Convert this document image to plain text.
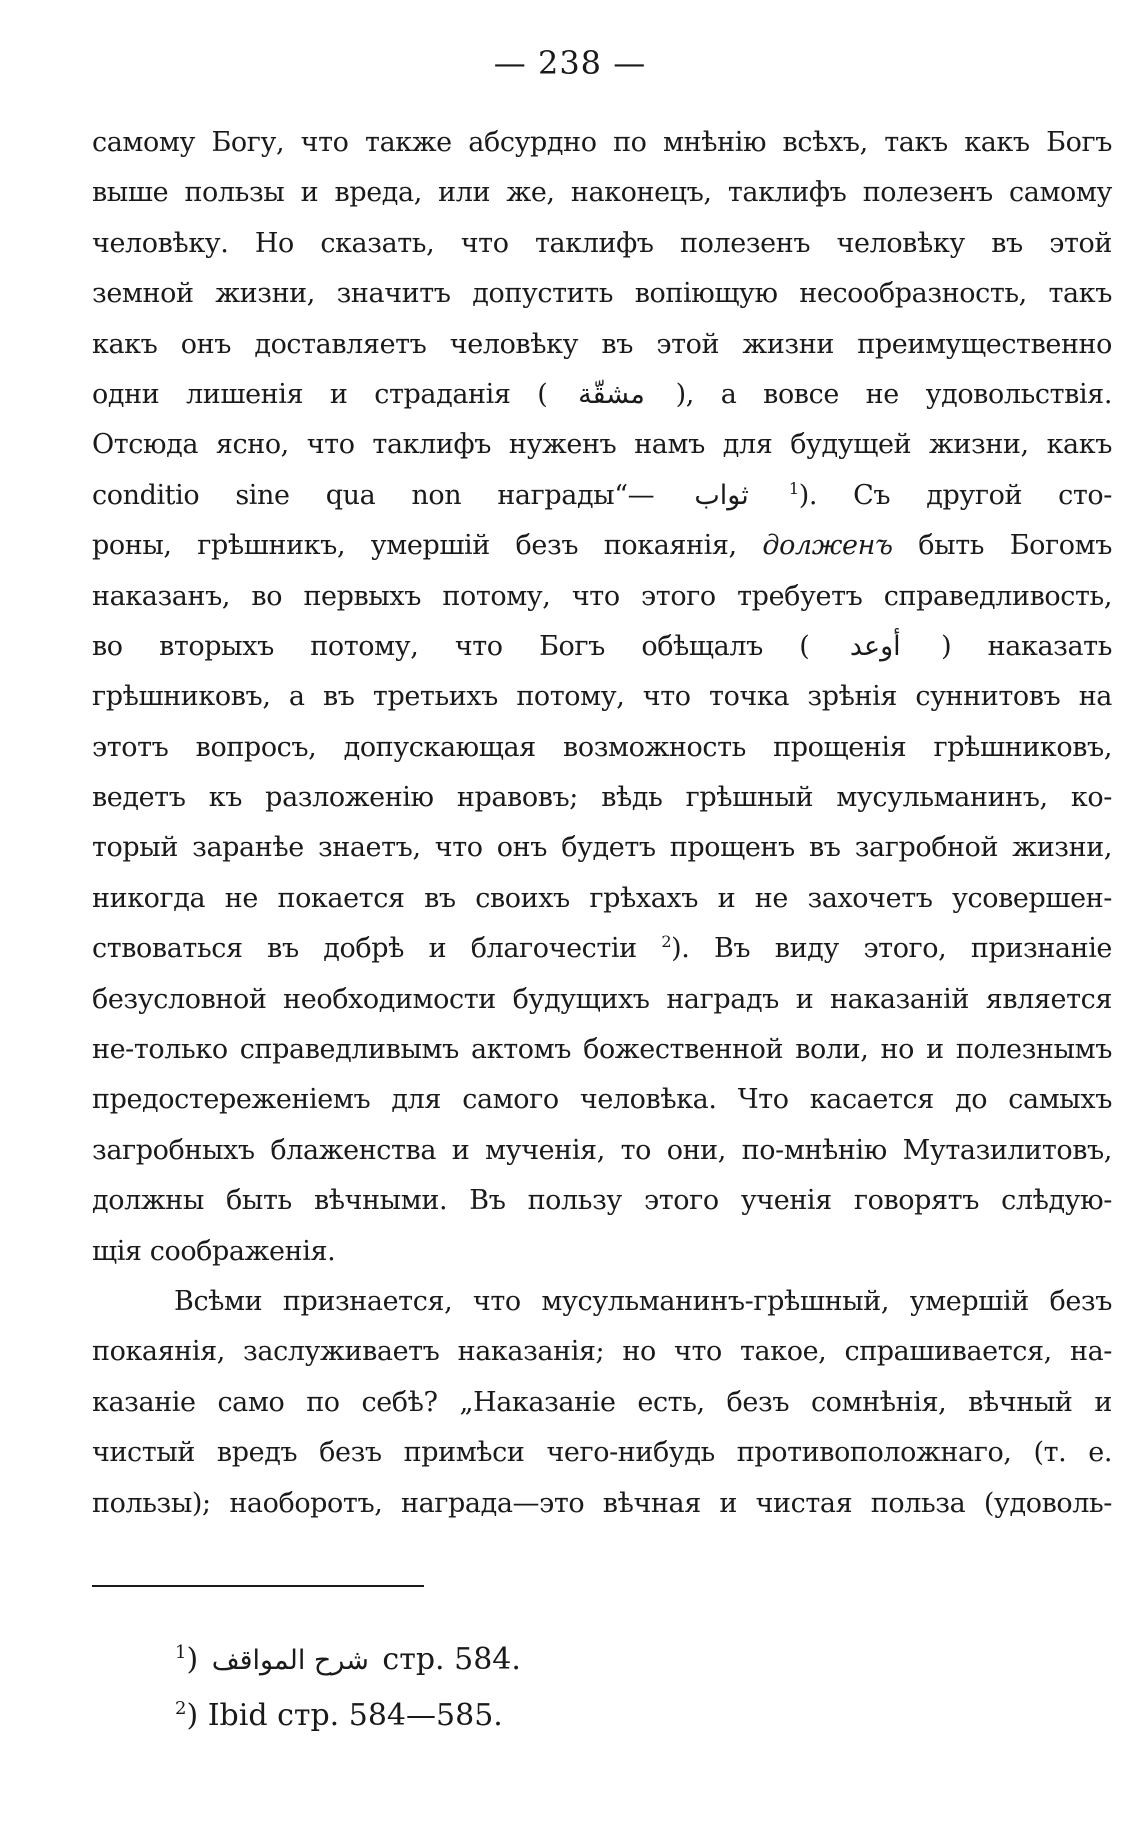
— 238 —
самому Богу, что также абсурдно по мнѣнію всѣхъ, такъ какъ Богъ
выше пользы и вреда, или же, наконецъ, таклифъ полезенъ самому
человѣку. Но сказать, что таклифъ полезенъ человѣку въ этой
земной жизни, значитъ допустить вопіющую несообразность, такъ
какъ онъ доставляетъ человѣку въ этой жизни преимущественно
одни лишенія и страданія ( مشقّة ), а вовсе не удовольствія.
Отсюда ясно, что таклифъ нуженъ намъ для будущей жизни, какъ
conditio sine qua non награды“— ثواب	$^1$). Съ другой сто-
роны, грѣшникъ, умершій безъ покаянія, долженъ быть Богомъ
наказанъ, во первыхъ потому, что этого требуетъ справедливость,
во вторыхъ потому, что Богъ обѣщалъ ( أوعد ) наказать
грѣшниковъ, а въ третьихъ потому, что точка зрѣнія суннитовъ на
этотъ вопросъ, допускающая возможность прощенія грѣшниковъ,
ведетъ къ разложенію нравовъ; вѣдь грѣшный мусульманинъ, ко-
торый заранѣе знаетъ, что онъ будетъ прощенъ въ загробной жизни,
никогда не покается въ своихъ грѣхахъ и не захочетъ усовершен-
ствоваться въ добрѣ и благочестіи $^2$). Въ виду этого, признаніе
безусловной необходимости будущихъ наградъ и наказаній является
не-только справедливымъ актомъ божественной воли, но и полезнымъ
предостереженіемъ для самого человѣка. Что касается до самыхъ
загробныхъ блаженства и мученія, то они, по-мнѣнію Мутазилитовъ,
должны быть вѣчными. Въ пользу этого ученія говорятъ слѣдую-
щія соображенія.
Всѣми признается, что мусульманинъ-грѣшный, умершій безъ
покаянія, заслуживаетъ наказанія; но что такое, спрашивается, на-
казаніе само по себѣ? „Наказаніе есть, безъ сомнѣнія, вѣчный и
чистый вредъ безъ примѣси чего-нибудь противоположнаго, (т. е.
пользы); наоборотъ, награда—это вѣчная и чистая польза (удоволь-
$^1$) شرح المواقف стр. 584.
$^2$) Ibid стр. 584—585.
